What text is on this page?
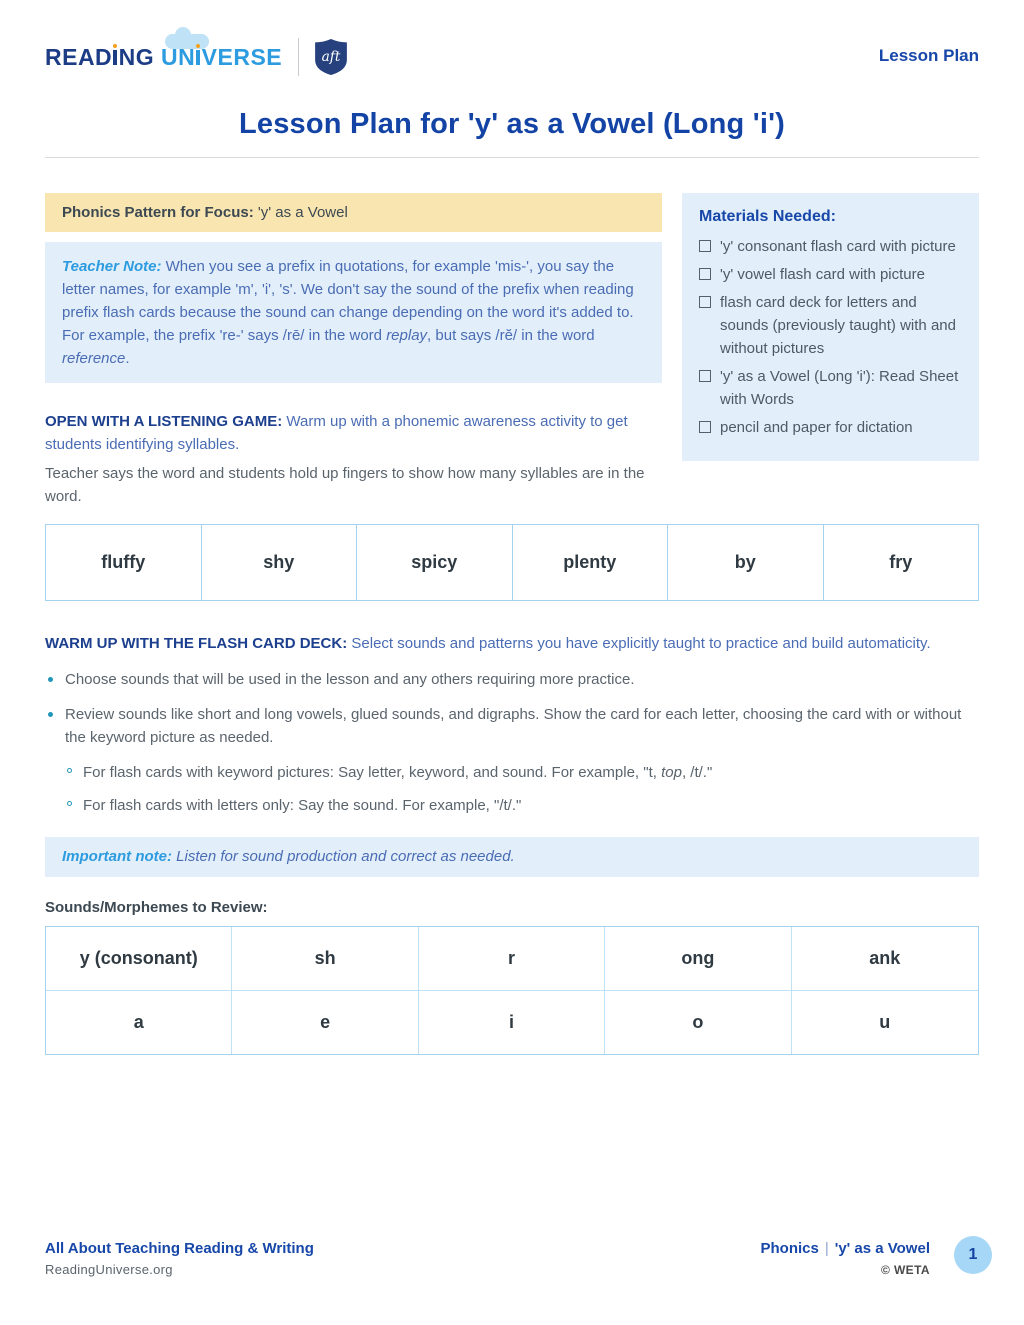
READ NG UN VERSE	aft	Lesson Plan
Lesson Plan for 'y' as a Vowel (Long 'i')
Phonics Pattern for Focus: 'y' as a Vowel
Teacher Note: When you see a prefix in quotations, for example 'mis-', you say the letter names, for example 'm', 'i', 's'. We don't say the sound of the prefix when reading prefix flash cards because the sound can change depending on the word it's added to. For example, the prefix 're-' says /rē/ in the word replay, but says /rĕ/ in the word reference.
OPEN WITH A LISTENING GAME: Warm up with a phonemic awareness activity to get students identifying syllables.

Teacher says the word and students hold up fingers to show how many syllables are in the word.

Materials Needed:
'y' consonant flash card with picture
'y' vowel flash card with picture
flash card deck for letters and sounds (previously taught) with and without pictures
'y' as a Vowel (Long 'i'): Read Sheet with Words
pencil and paper for dictation
fluffy	shy	spicy	plenty	by	fry
WARM UP WITH THE FLASH CARD DECK: Select sounds and patterns you have explicitly taught to practice and build automaticity.
Choose sounds that will be used in the lesson and any others requiring more practice.
Review sounds like short and long vowels, glued sounds, and digraphs. Show the card for each letter, choosing the card with or without the keyword picture as needed.
For flash cards with keyword pictures: Say letter, keyword, and sound. For example, "t, top, /t/."
For flash cards with letters only: Say the sound. For example, "/t/."
Important note: Listen for sound production and correct as needed.
Sounds/Morphemes to Review:
y (consonant)	sh	r	ong	ank
a	e	i	o	u
All About Teaching Reading & Writing
ReadingUniverse.org
Phonics | 'y' as a Vowel
© WETA
1
